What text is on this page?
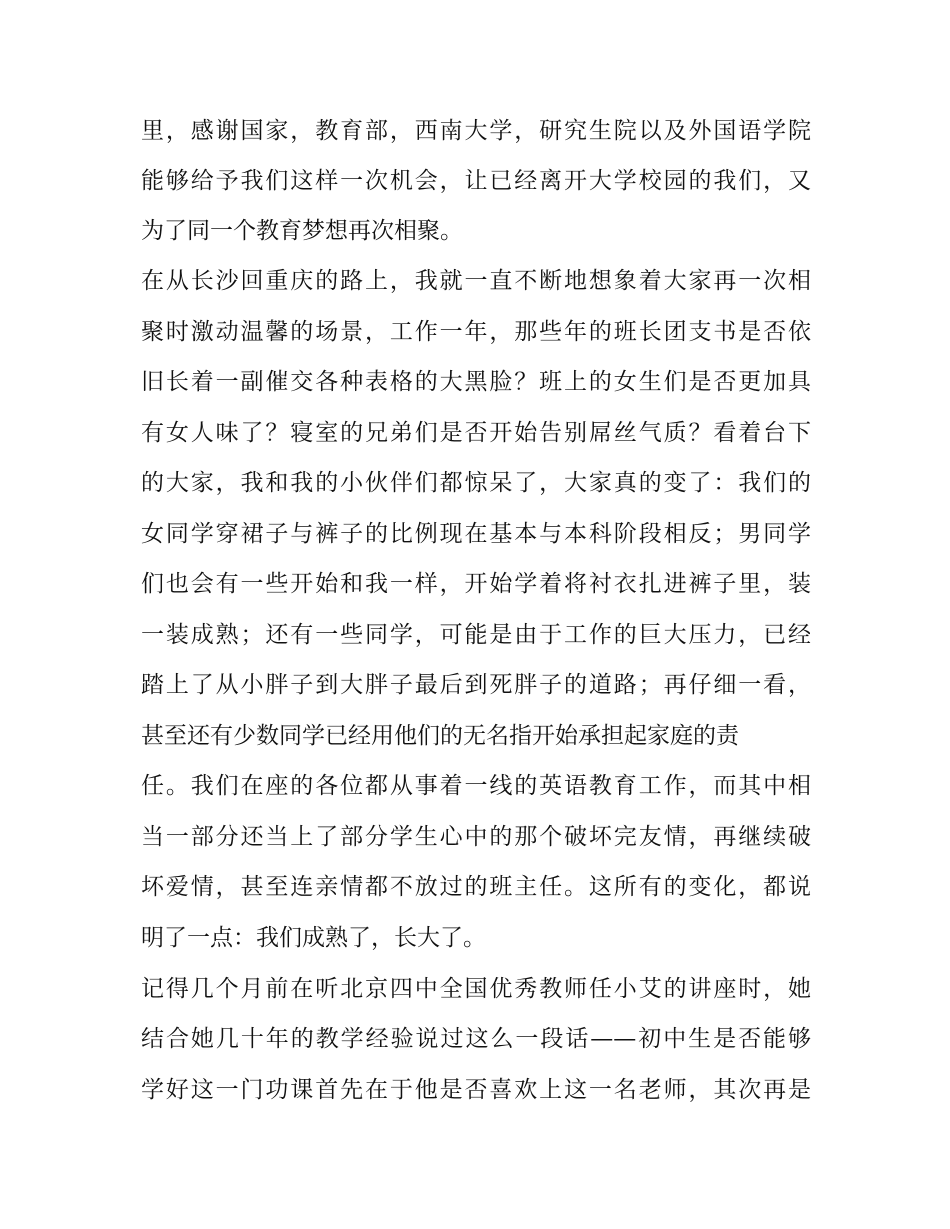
里，感谢国家，教育部，西南大学，研究生院以及外国语学院

能够给予我们这样一次机会，让已经离开大学校园的我们，又

为了同一个教育梦想再次相聚。

在从长沙回重庆的路上，我就一直不断地想象着大家再一次相

聚时激动温馨的场景，工作一年，那些年的班长团支书是否依

旧长着一副催交各种表格的大黑脸？班上的女生们是否更加具

有女人味了？寝室的兄弟们是否开始告别屌丝气质？看着台下

的大家，我和我的小伙伴们都惊呆了，大家真的变了：我们的

女同学穿裙子与裤子的比例现在基本与本科阶段相反；男同学

们也会有一些开始和我一样，开始学着将衬衣扎进裤子里，装

一装成熟；还有一些同学，可能是由于工作的巨大压力，已经

踏上了从小胖子到大胖子最后到死胖子的道路；再仔细一看，

甚至还有少数同学已经用他们的无名指开始承担起家庭的责

任。我们在座的各位都从事着一线的英语教育工作，而其中相

当一部分还当上了部分学生心中的那个破坏完友情，再继续破

坏爱情，甚至连亲情都不放过的班主任。这所有的变化，都说

明了一点：我们成熟了，长大了。

记得几个月前在听北京四中全国优秀教师任小艾的讲座时，她

结合她几十年的教学经验说过这么一段话——初中生是否能够

学好这一门功课首先在于他是否喜欢上这一名老师，其次再是
